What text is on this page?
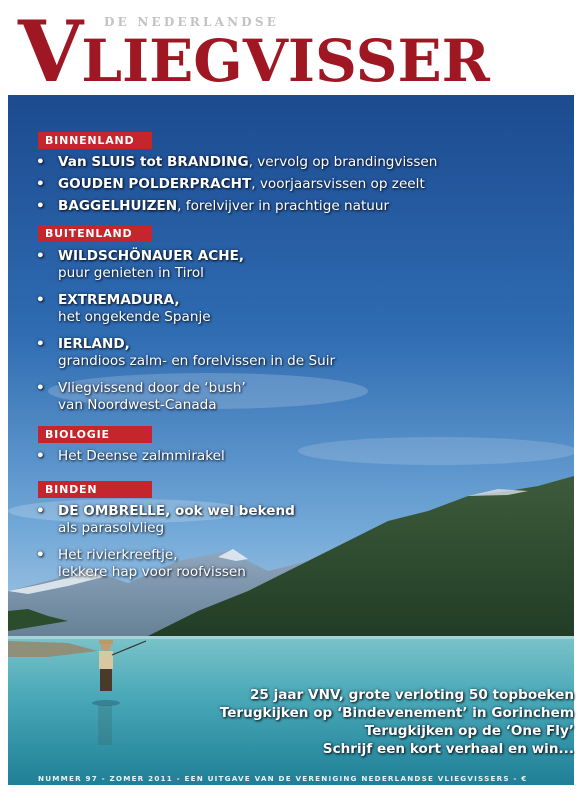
VLIEGVISSER
DE NEDERLANDSE
BINNENLAND
• Van SLUIS tot BRANDING, vervolg op brandingvissen
• GOUDEN POLDERPRACHT, voorjaarsvissen op zeelt
• BAGGELHUIZEN, forelvijver in prachtige natuur
BUITENLAND
• WILDSCHÖNAUER ACHE,
puur genieten in Tirol
• EXTREMADURA,
het ongekende Spanje
• IERLAND,
grandioos zalm- en forelvissen in de Suir
• Vliegvissend door de ‘bush’
van Noordwest-Canada
BIOLOGIE
• Het Deense zalmmirakel
BINDEN
• DE OMBRELLE, ook wel bekend
als parasolvlieg
• Het rivierkreeftje,
lekkere hap voor roofvissen
25 jaar VNV, grote verloting 50 topboeken
Terugkijken op ‘Bindevenement’ in Gorinchem
Terugkijken op de ‘One Fly’
Schrijf een kort verhaal en win...
NUMMER 97 - ZOMER 2011 - EEN UITGAVE VAN DE VERENIGING NEDERLANDSE VLIEGVISSERS - €
